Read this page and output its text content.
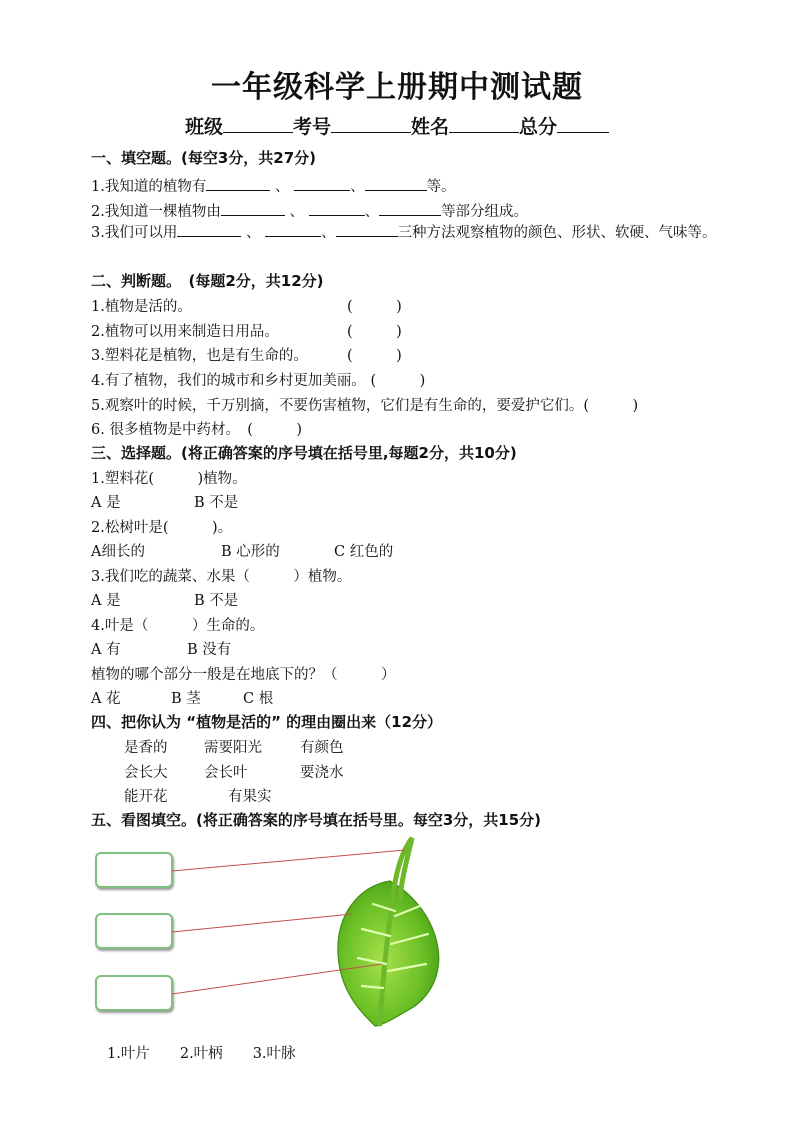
一年级科学上册期中测试题
班级	考号	姓名	总分
一、填空题。(每空3分，共27分)
1.我知道的植物有	、	、	等。
2.我知道一棵植物由	、	、	等部分组成。
3.我们可以用	、	、	三种方法观察植物的颜色、形状、软硬、气味等。
二、判断题。　(每题2分，共12分)
1.植物是活的。	(　　　)
2.植物可以用来制造日用品。	(　　　)
3.塑料花是植物，也是有生命的。	(　　　)
4.有了植物，我们的城市和乡村更加美丽。 (　　　)
5.观察叶的时候，千万别摘，不要伤害植物，它们是有生命的，要爱护它们。(　　　)
6. 很多植物是中药材。　 (　　　)
三、选择题。(将正确答案的序号填在括号里,每题2分，共10分)
1.塑料花(　　　)植物。
A 是	B 不是
2.松树叶是(　　　)。
A细长的	B 心形的	C 红色的
3.我们吃的蔬菜、水果（　　　）植物。
A 是	B 不是
4.叶是（　　　）生命的。
A 有	B 没有
植物的哪个部分一般是在地底下的？（　　　）
A 花	B 茎	C 根
四、把你认为 “植物是活的” 的理由圈出来（12分）
是香的	需要阳光	有颜色
会长大	会长叶	要浇水
能开花	有果实
五、看图填空。(将正确答案的序号填在括号里。每空3分，共15分)
1.叶片 2.叶柄 3.叶脉
